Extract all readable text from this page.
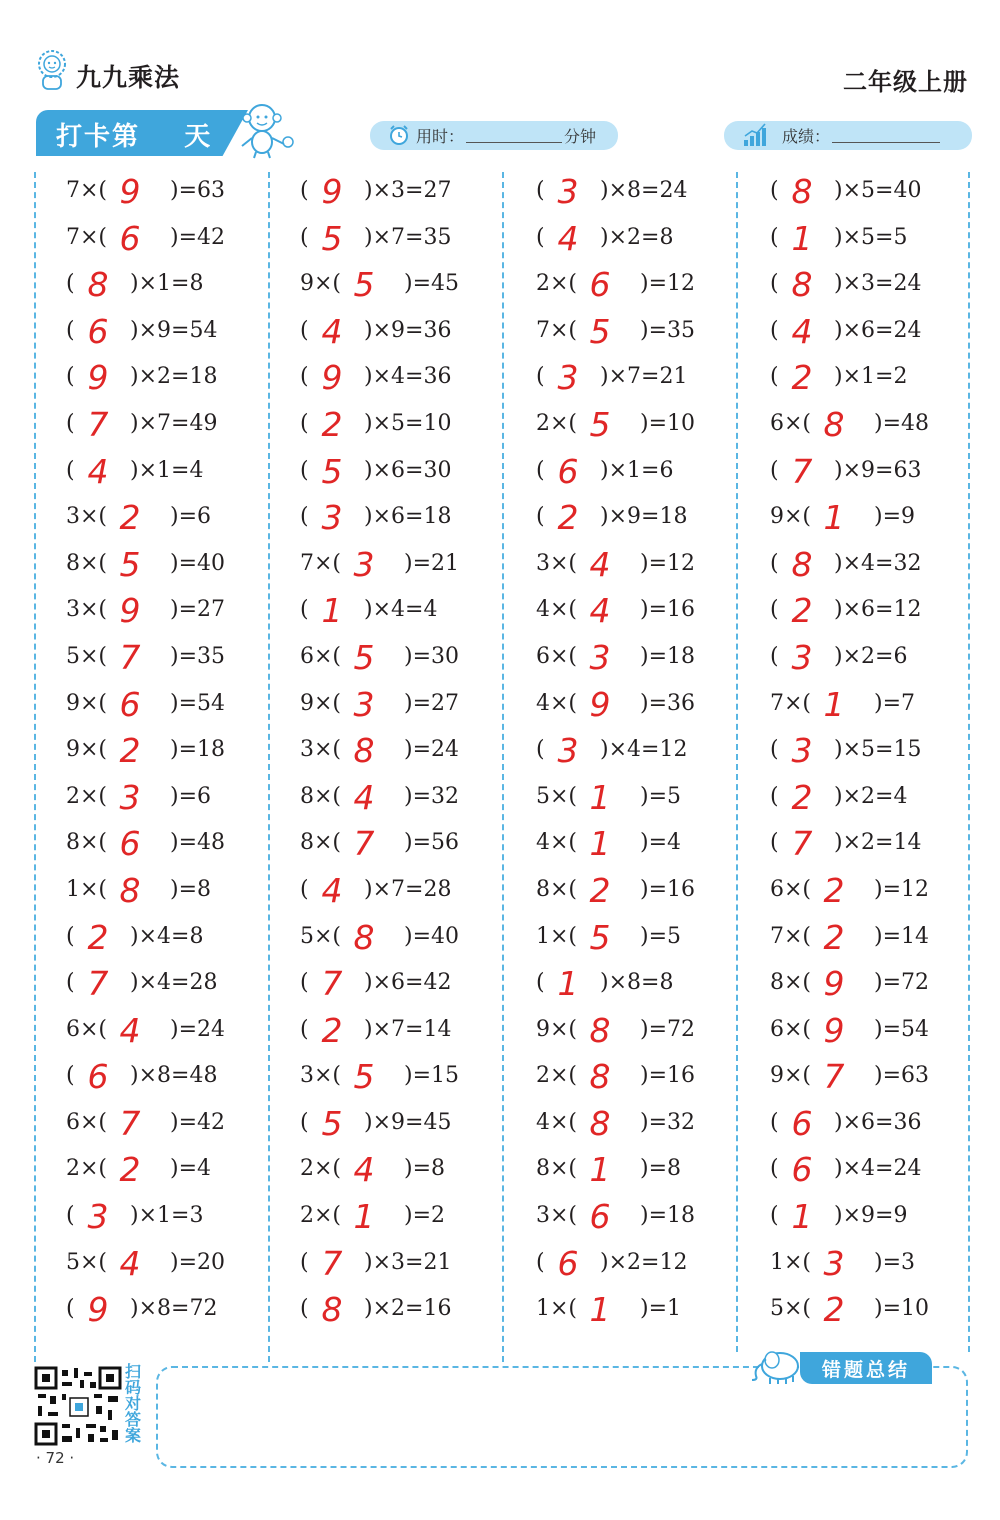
九九乘法	二年级上册
打卡第    天	用时：	分钟	成绩：
7×( 9	)=63
7×( 6	)=42
( 8 )×1=8
( 6 )×9=54
( 9 )×2=18
( 7 )×7=49
( 4 )×1=4
3×( 2	)=6
8×( 5	)=40
3×( 9	)=27
5×( 7	)=35
9×( 6	)=54
9×( 2	)=18
2×( 3	)=6
8×( 6	)=48
1×( 8	)=8
( 2 )×4=8
( 7 )×4=28
6×( 4	)=24
( 6 )×8=48
6×( 7	)=42
2×( 2	)=4
( 3 )×1=3
5×( 4	)=20
( 9 )×8=72
( 9 )×3=27
( 5 )×7=35
9×( 5	)=45
( 4 )×9=36
( 9 )×4=36
( 2 )×5=10
( 5 )×6=30
( 3 )×6=18
7×( 3	)=21
( 1 )×4=4
6×( 5	)=30
9×( 3	)=27
3×( 8	)=24
8×( 4	)=32
8×( 7	)=56
( 4 )×7=28
5×( 8	)=40
( 7 )×6=42
( 2 )×7=14
3×( 5	)=15
( 5 )×9=45
2×( 4	)=8
2×( 1	)=2
( 7 )×3=21
( 8 )×2=16
( 3 )×8=24
( 4 )×2=8
2×( 6	)=12
7×( 5	)=35
( 3 )×7=21
2×( 5	)=10
( 6 )×1=6
( 2 )×9=18
3×( 4	)=12
4×( 4	)=16
6×( 3	)=18
4×( 9	)=36
( 3 )×4=12
5×( 1	)=5
4×( 1	)=4
8×( 2	)=16
1×( 5	)=5
( 1 )×8=8
9×( 8	)=72
2×( 8	)=16
4×( 8	)=32
8×( 1	)=8
3×( 6	)=18
( 6 )×2=12
1×( 1	)=1
( 8 )×5=40
( 1 )×5=5
( 8 )×3=24
( 4 )×6=24
( 2 )×1=2
6×( 8	)=48
( 7 )×9=63
9×( 1	)=9
( 8 )×4=32
( 2 )×6=12
( 3 )×2=6
7×( 1	)=7
( 3 )×5=15
( 2 )×2=4
( 7 )×2=14
6×( 2	)=12
7×( 2	)=14
8×( 9	)=72
6×( 9	)=54
9×( 7	)=63
( 6 )×6=36
( 6 )×4=24
( 1 )×9=9
1×( 3	)=3
5×( 2	)=10
扫码对答案
· 72 ·
错题总结
